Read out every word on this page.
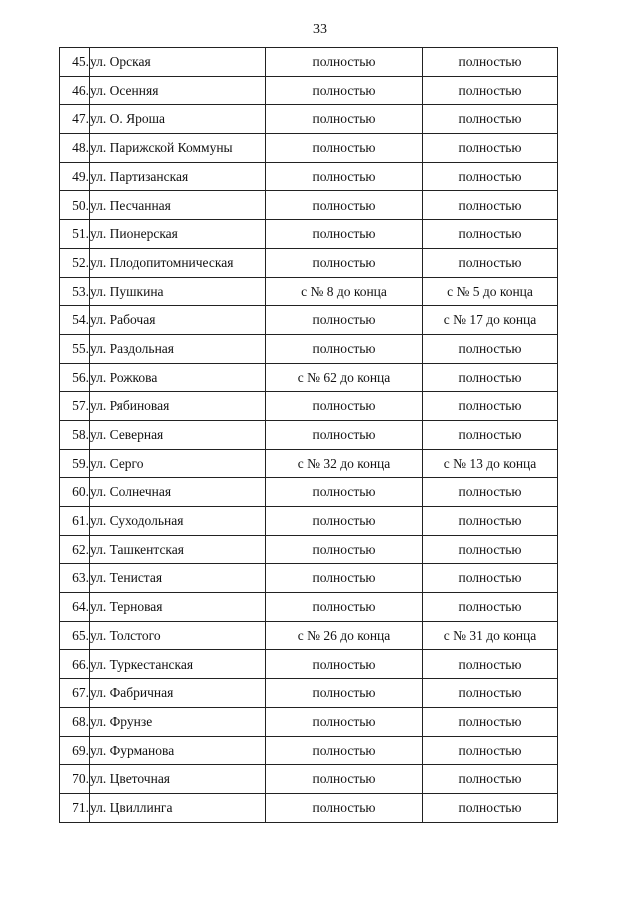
33
45.	ул. Орская	полностью	полностью
46.	ул. Осенняя	полностью	полностью
47.	ул. О. Яроша	полностью	полностью
48.	ул. Парижской Коммуны	полностью	полностью
49.	ул. Партизанская	полностью	полностью
50.	ул. Песчанная	полностью	полностью
51.	ул. Пионерская	полностью	полностью
52.	ул. Плодопитомническая	полностью	полностью
53.	ул. Пушкина	с № 8 до конца	с № 5 до конца
54.	ул. Рабочая	полностью	с № 17 до конца
55.	ул. Раздольная	полностью	полностью
56.	ул. Рожкова	с № 62 до конца	полностью
57.	ул. Рябиновая	полностью	полностью
58.	ул. Северная	полностью	полностью
59.	ул. Серго	с № 32 до конца	с № 13 до конца
60.	ул. Солнечная	полностью	полностью
61.	ул. Суходольная	полностью	полностью
62.	ул. Ташкентская	полностью	полностью
63.	ул. Тенистая	полностью	полностью
64.	ул. Терновая	полностью	полностью
65.	ул. Толстого	с № 26 до конца	с № 31 до конца
66.	ул. Туркестанская	полностью	полностью
67.	ул. Фабричная	полностью	полностью
68.	ул. Фрунзе	полностью	полностью
69.	ул. Фурманова	полностью	полностью
70.	ул. Цветочная	полностью	полностью
71.	ул. Цвиллинга	полностью	полностью
